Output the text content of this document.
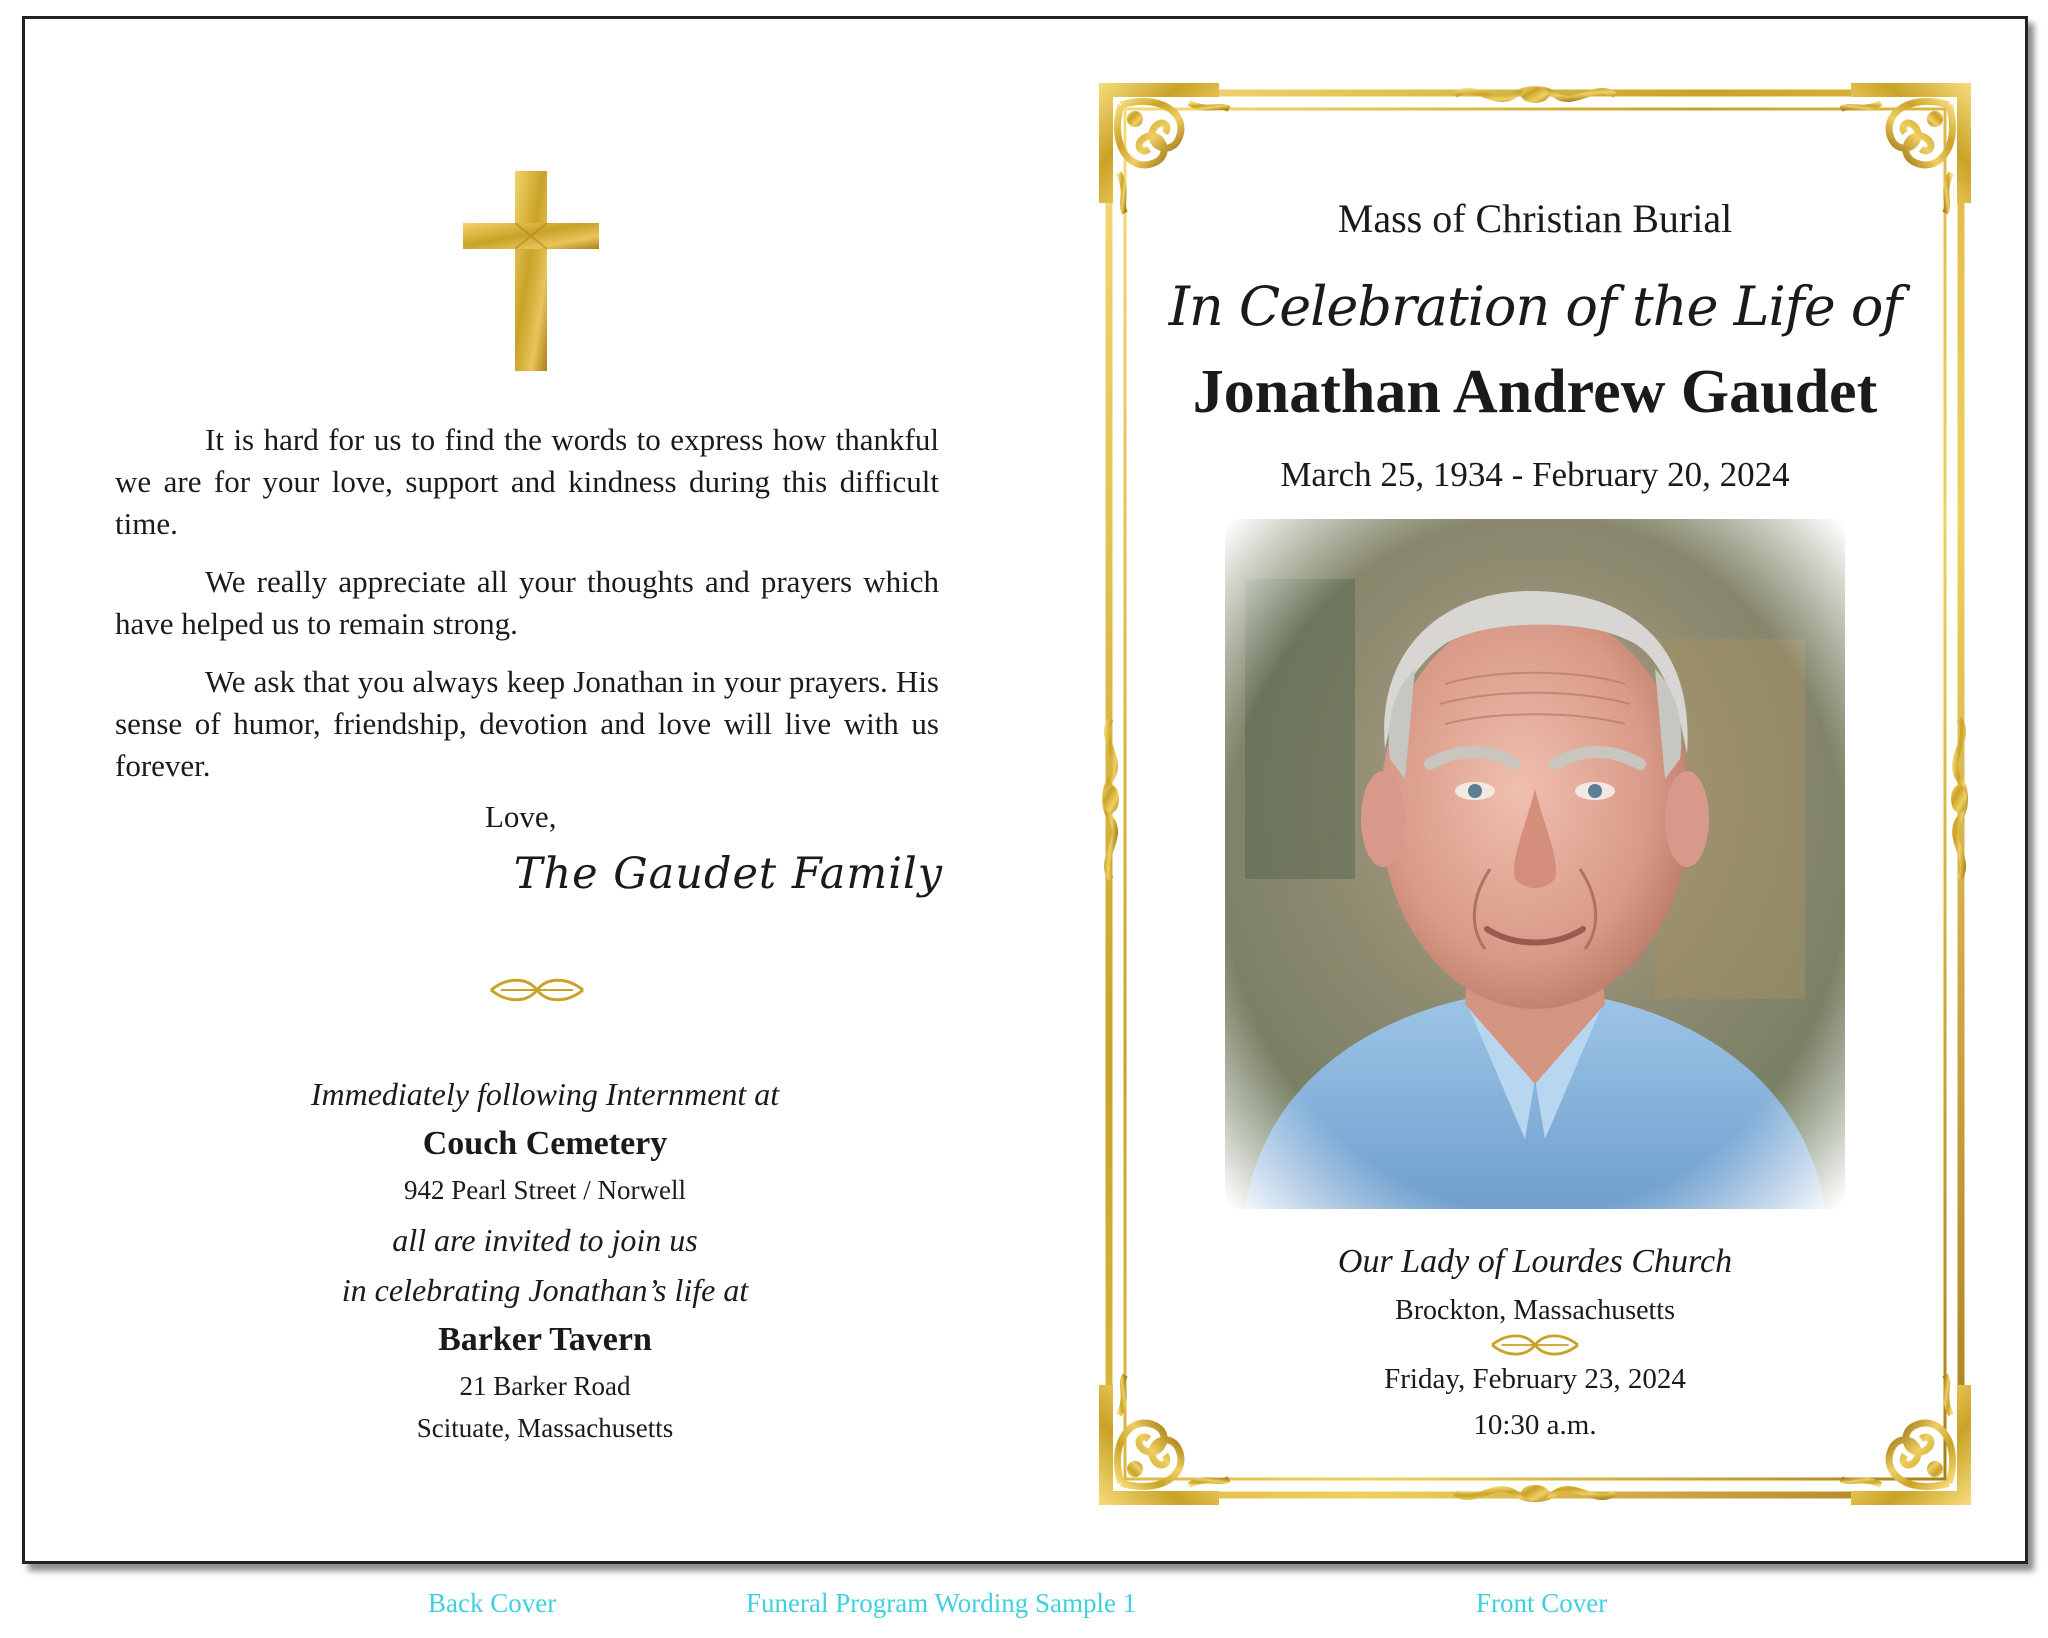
It is hard for us to find the words to express how thankful we are for your love, support and kindness during this difficult time.

We really appreciate all your thoughts and prayers which have helped us to remain strong.

We ask that you always keep Jonathan in your prayers. His sense of humor, friendship, devotion and love will live with us forever.

Love,
The Gaudet Family
Immediately following Internment at
Couch Cemetery
942 Pearl Street / Norwell
all are invited to join us
in celebrating Jonathan’s life at
Barker Tavern
21 Barker Road
Scituate, Massachusetts
Mass of Christian Burial
In Celebration of the Life of
Jonathan Andrew Gaudet
March 25, 1934 - February 20, 2024
Our Lady of Lourdes Church
Brockton, Massachusetts
Friday, February 23, 2024
10:30 a.m.
Back Cover	Funeral Program Wording Sample 1	Front Cover
